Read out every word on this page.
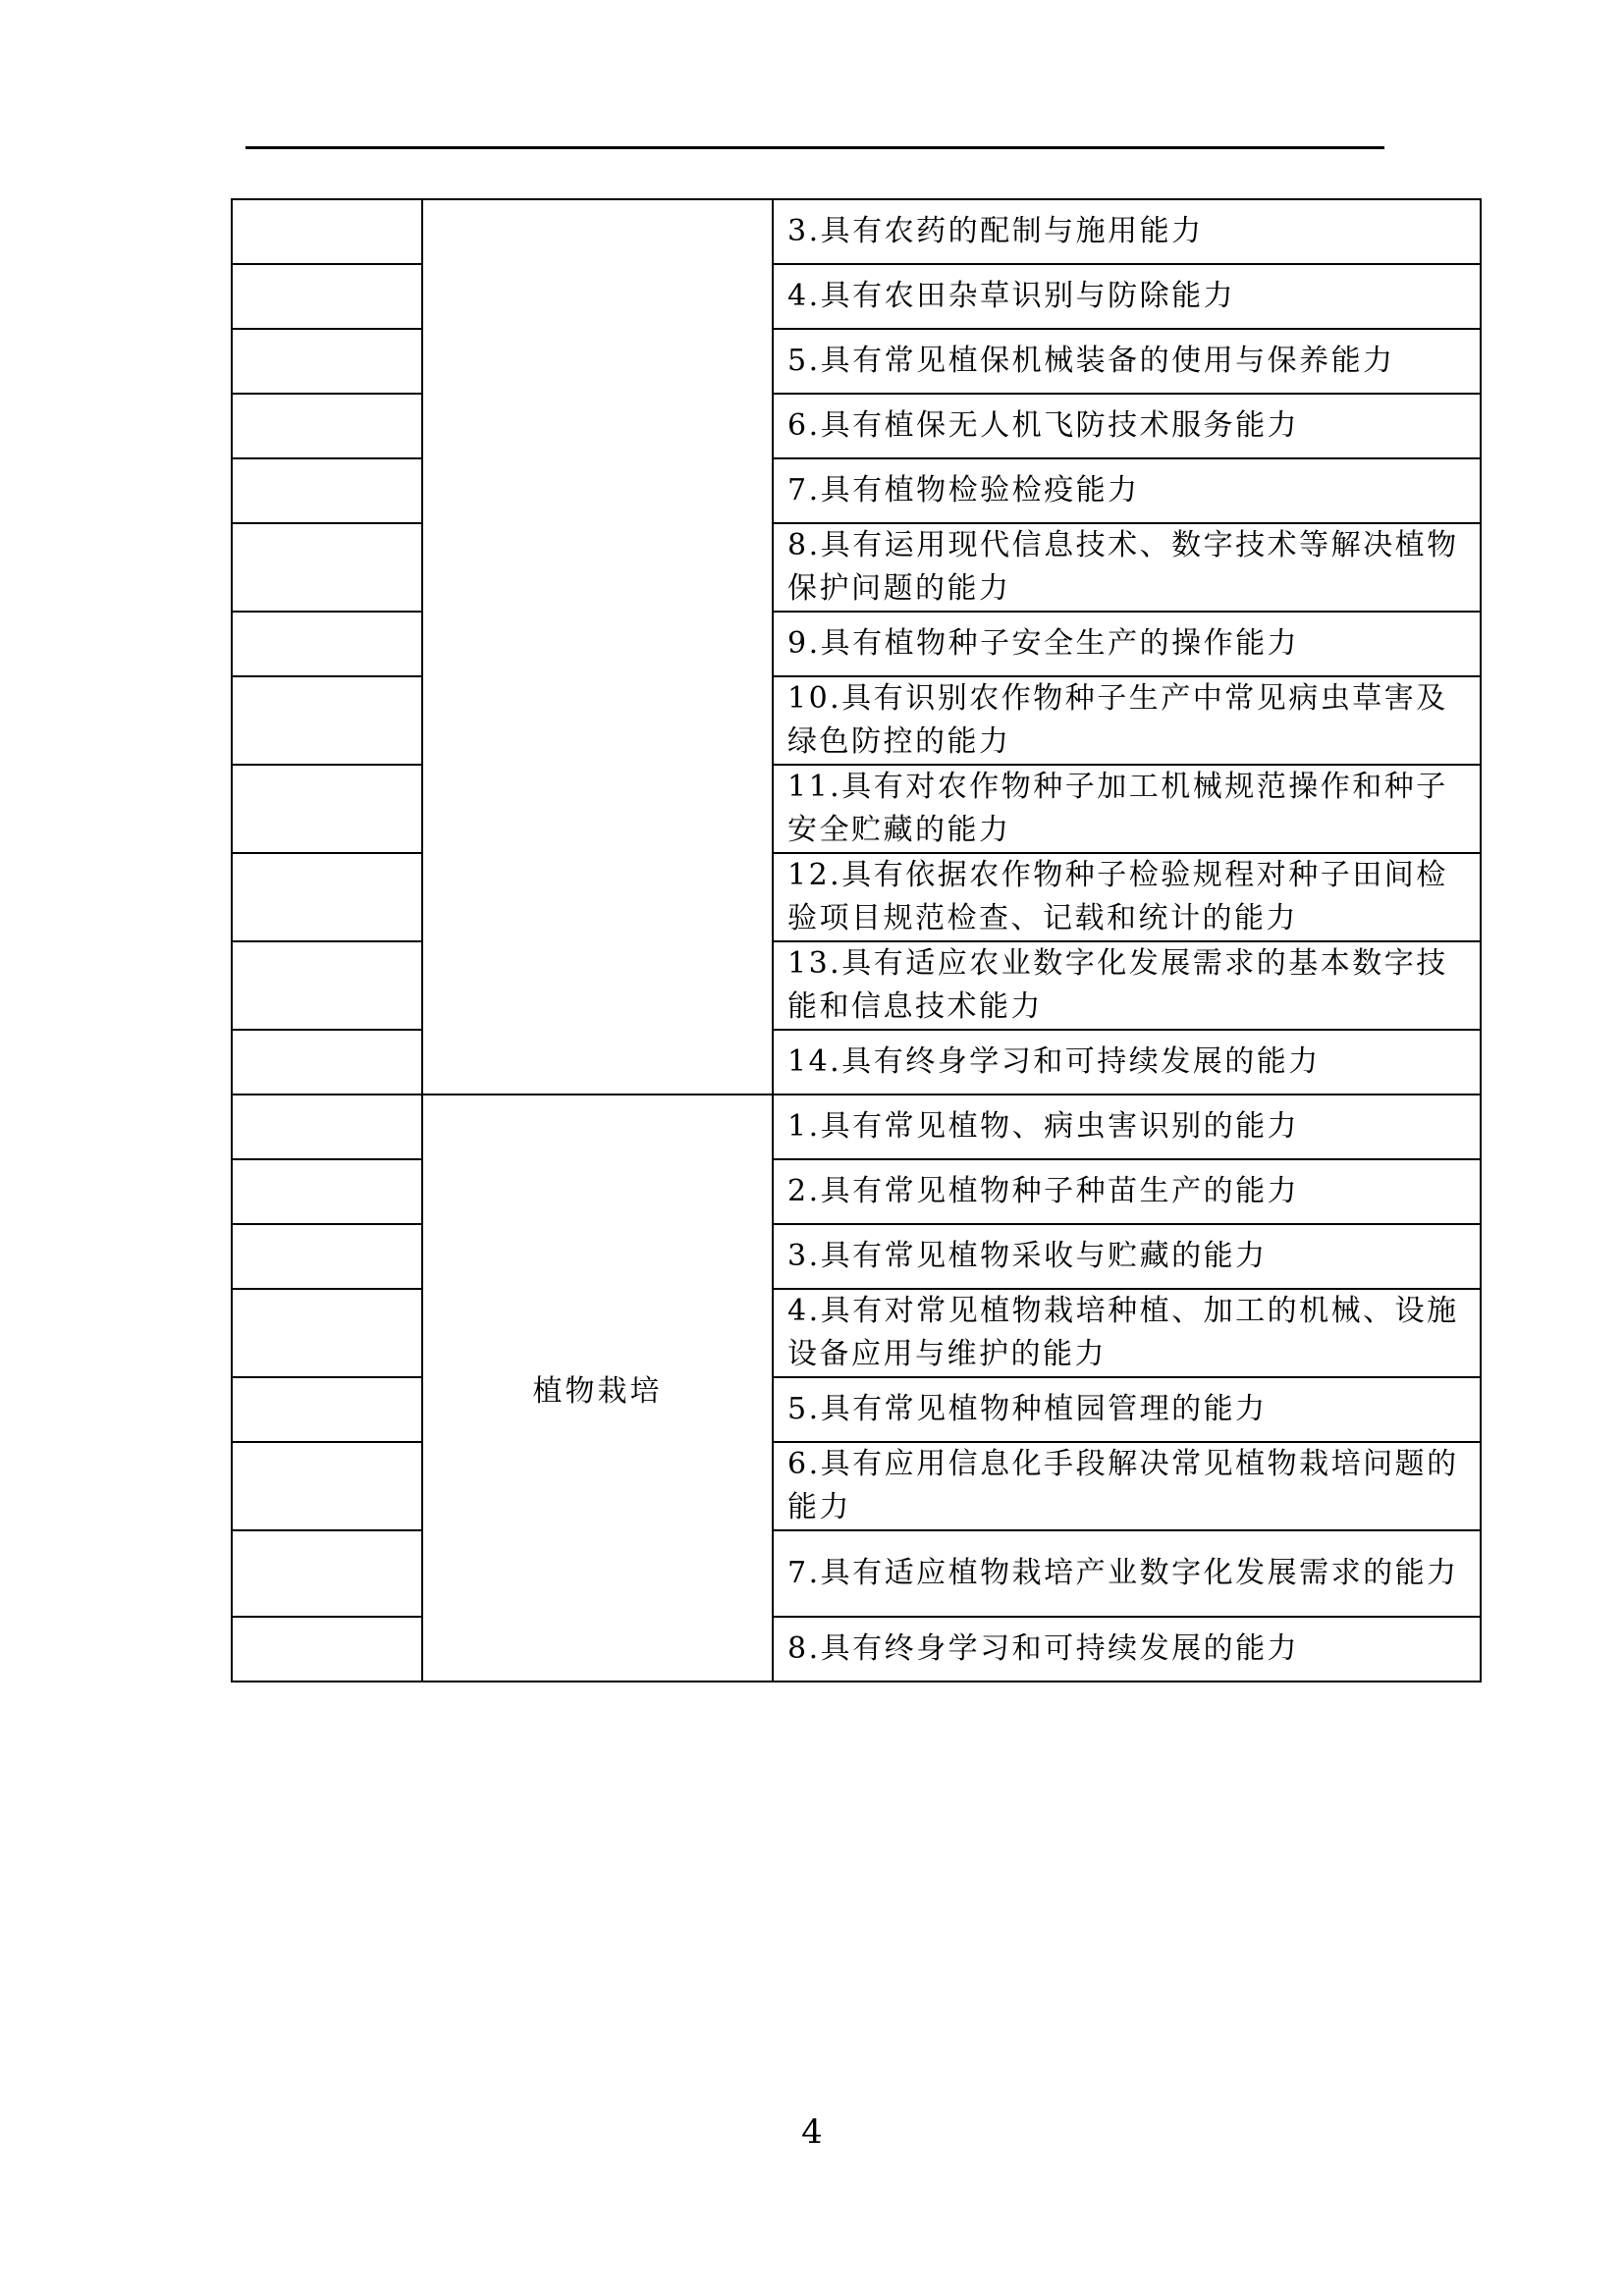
		3.具有农药的配制与施用能力
		4.具有农田杂草识别与防除能力
		5.具有常见植保机械装备的使用与保养能力
		6.具有植保无人机飞防技术服务能力
		7.具有植物检验检疫能力
		8.具有运用现代信息技术、数字技术等解决植物保护问题的能力
		9.具有植物种子安全生产的操作能力
		10.具有识别农作物种子生产中常见病虫草害及绿色防控的能力
		11.具有对农作物种子加工机械规范操作和种子安全贮藏的能力
		12.具有依据农作物种子检验规程对种子田间检验项目规范检查、记载和统计的能力
		13.具有适应农业数字化发展需求的基本数字技能和信息技术能力
		14.具有终身学习和可持续发展的能力
	植物栽培	1.具有常见植物、病虫害识别的能力
		2.具有常见植物种子种苗生产的能力
		3.具有常见植物采收与贮藏的能力
		4.具有对常见植物栽培种植、加工的机械、设施设备应用与维护的能力
		5.具有常见植物种植园管理的能力
		6.具有应用信息化手段解决常见植物栽培问题的能力
		7.具有适应植物栽培产业数字化发展需求的能力
		8.具有终身学习和可持续发展的能力
4
